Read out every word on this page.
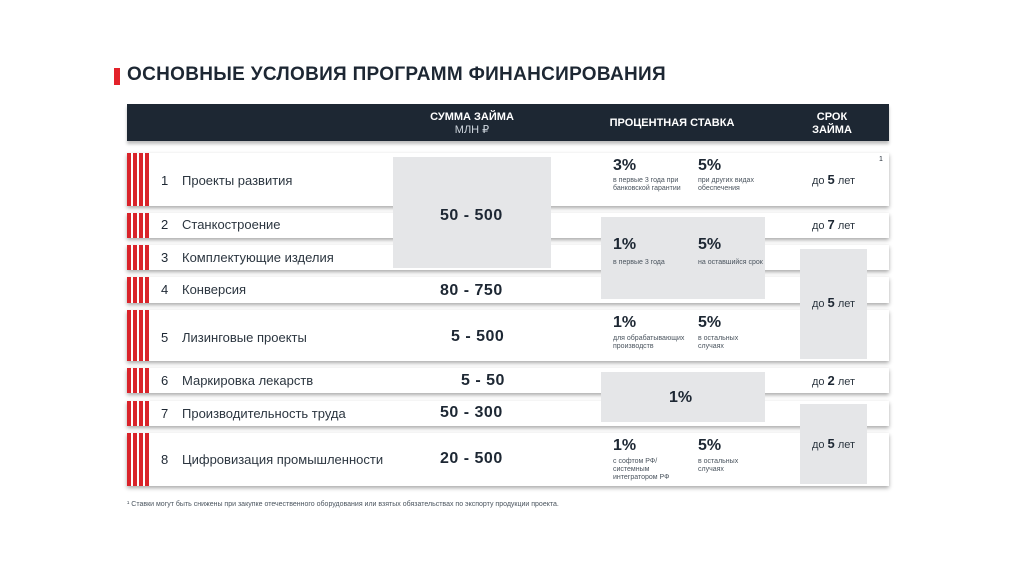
ОСНОВНЫЕ УСЛОВИЯ ПРОГРАММ ФИНАНСИРОВАНИЯ
СУММА ЗАЙМА
МЛН ₽
ПРОЦЕНТНАЯ СТАВКА	СРОК
ЗАЙМА
1 Проекты развития
2 Станкостроение
3 Комплектующие изделия
4 Конверсия
5 Лизинговые проекты
6 Маркировка лекарств
7 Производительность труда
8 Цифровизация промышленности
50 - 500
80 - 750
5 - 500
5 - 50
50 - 300
20 - 500
3%
в первые 3 года при банковской гарантии
5%
при других видах обеспечения
1%
в первые 3 года
5%
на оставшийся срок
1%
для обрабатывающих производств
5%
в остальных случаях
1%
1%
с софтом РФ/ системным интегратором РФ
5%
в остальных случаях
до 5 лет
до 7 лет
до 5 лет
до 2 лет
до 5 лет
1
¹ Ставки могут быть снижены при закупке отечественного оборудования или взятых обязательствах по экспорту продукции проекта.
